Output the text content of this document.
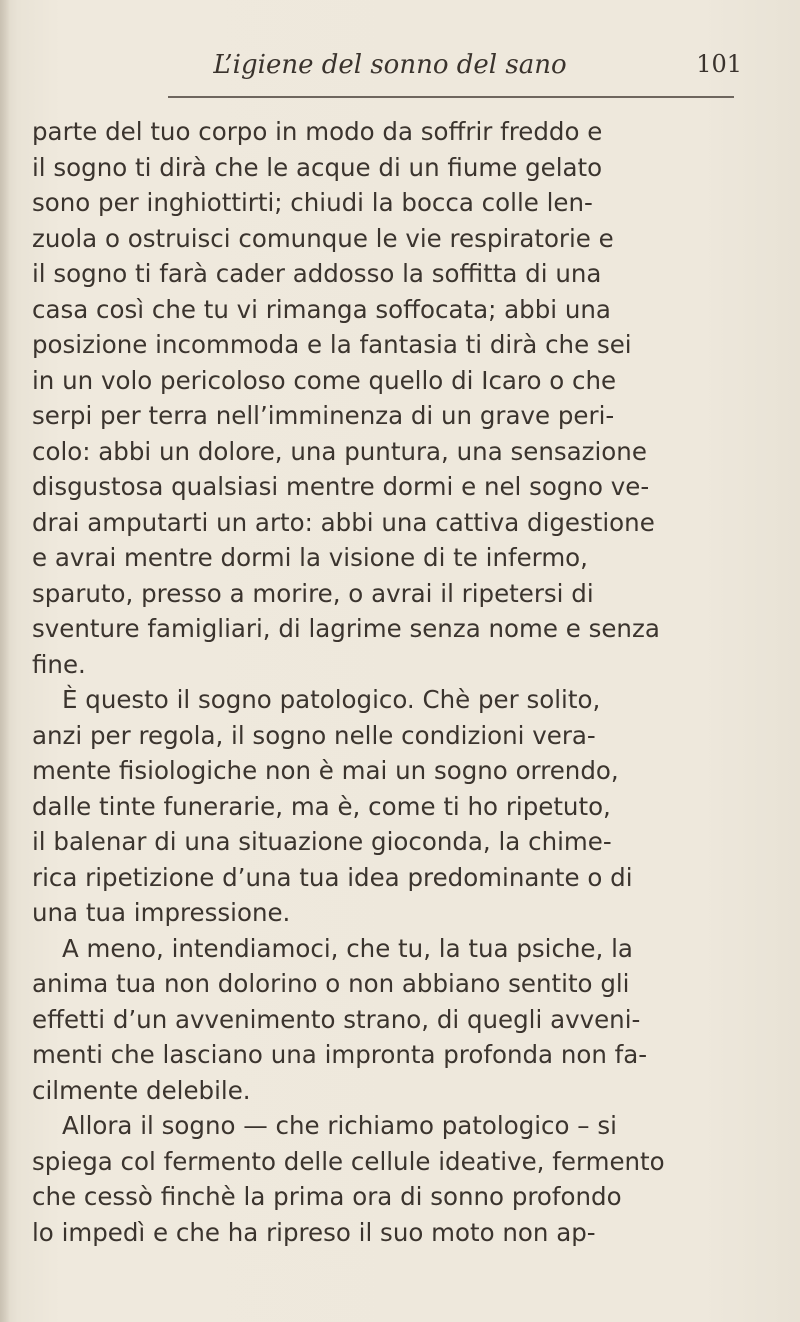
L’igiene del sonno del sano	101
parte del tuo corpo in modo da soffrir freddo e
il sogno ti dirà che le acque di un fiume gelato
sono per inghiottirti; chiudi la bocca colle len-
zuola o ostruisci comunque le vie respiratorie e
il sogno ti farà cader addosso la soffitta di una
casa così che tu vi rimanga soffocata; abbi una
posizione incommoda e la fantasia ti dirà che sei
in un volo pericoloso come quello di Icaro o che
serpi per terra nell’imminenza di un grave peri-
colo: abbi un dolore, una puntura, una sensazione
disgustosa qualsiasi mentre dormi e nel sogno ve-
drai amputarti un arto: abbi una cattiva digestione
e avrai mentre dormi la visione di te infermo,
sparuto, presso a morire, o avrai il ripetersi di
sventure famigliari, di lagrime senza nome e senza
fine.
È questo il sogno patologico. Chè per solito,
anzi per regola, il sogno nelle condizioni vera-
mente fisiologiche non è mai un sogno orrendo,
dalle tinte funerarie, ma è, come ti ho ripetuto,
il balenar di una situazione gioconda, la chime-
rica ripetizione d’una tua idea predominante o di
una tua impressione.
A meno, intendiamoci, che tu, la tua psiche, la
anima tua non dolorino o non abbiano sentito gli
effetti d’un avvenimento strano, di quegli avveni-
menti che lasciano una impronta profonda non fa-
cilmente delebile.
Allora il sogno — che richiamo patologico – si
spiega col fermento delle cellule ideative, fermento
che cessò finchè la prima ora di sonno profondo
lo impedì e che ha ripreso il suo moto non ap-
